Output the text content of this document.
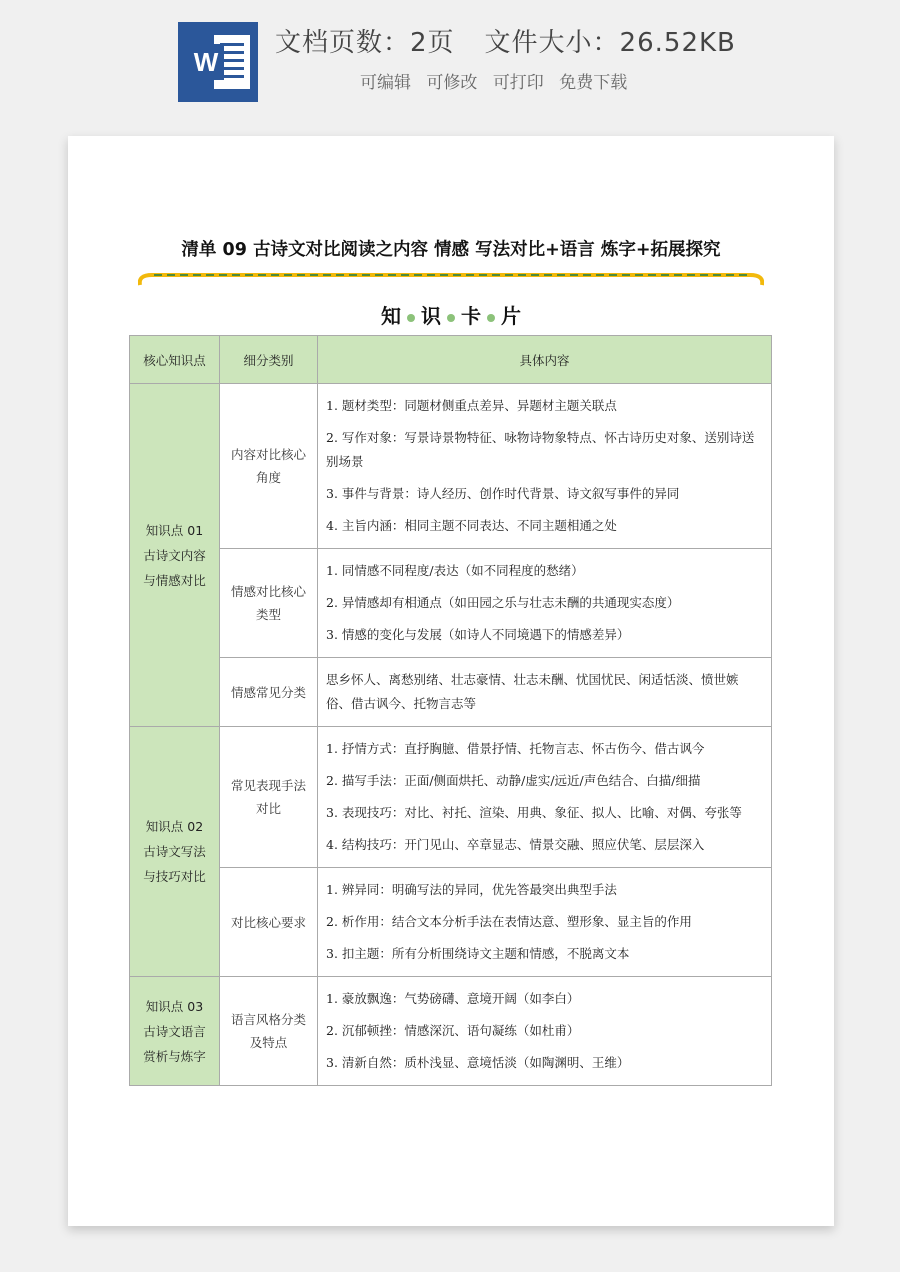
W
文档页数：2页 文件大小：26.52KB
可编辑 可修改 可打印 免费下载
清单 09 古诗文对比阅读之内容 情感 写法对比+语言 炼字+拓展探究
知 识 卡 片
核心知识点	细分类别	具体内容
知识点 01 古诗文内容与情感对比	内容对比核心角度	1. 题材类型：同题材侧重点差异、异题材主题关联点

2. 写作对象：写景诗景物特征、咏物诗物象特点、怀古诗历史对象、送别诗送别场景

3. 事件与背景：诗人经历、创作时代背景、诗文叙写事件的异同

4. 主旨内涵：相同主题不同表达、不同主题相通之处

	情感对比核心类型	1. 同情感不同程度/表达（如不同程度的愁绪）

2. 异情感却有相通点（如田园之乐与壮志未酬的共通现实态度）

3. 情感的变化与发展（如诗人不同境遇下的情感差异）

	情感常见分类	思乡怀人、离愁别绪、壮志豪情、壮志未酬、忧国忧民、闲适恬淡、愤世嫉俗、借古讽今、托物言志等

知识点 02 古诗文写法与技巧对比	常见表现手法对比	1. 抒情方式：直抒胸臆、借景抒情、托物言志、怀古伤今、借古讽今

2. 描写手法：正面/侧面烘托、动静/虚实/远近/声色结合、白描/细描

3. 表现技巧：对比、衬托、渲染、用典、象征、拟人、比喻、对偶、夸张等

4. 结构技巧：开门见山、卒章显志、情景交融、照应伏笔、层层深入

	对比核心要求	1. 辨异同：明确写法的异同，优先答最突出典型手法

2. 析作用：结合文本分析手法在表情达意、塑形象、显主旨的作用

3. 扣主题：所有分析围绕诗文主题和情感，不脱离文本

知识点 03 古诗文语言赏析与炼字	语言风格分类及特点	1. 豪放飘逸：气势磅礴、意境开阔（如李白）

2. 沉郁顿挫：情感深沉、语句凝练（如杜甫）

3. 清新自然：质朴浅显、意境恬淡（如陶渊明、王维）
